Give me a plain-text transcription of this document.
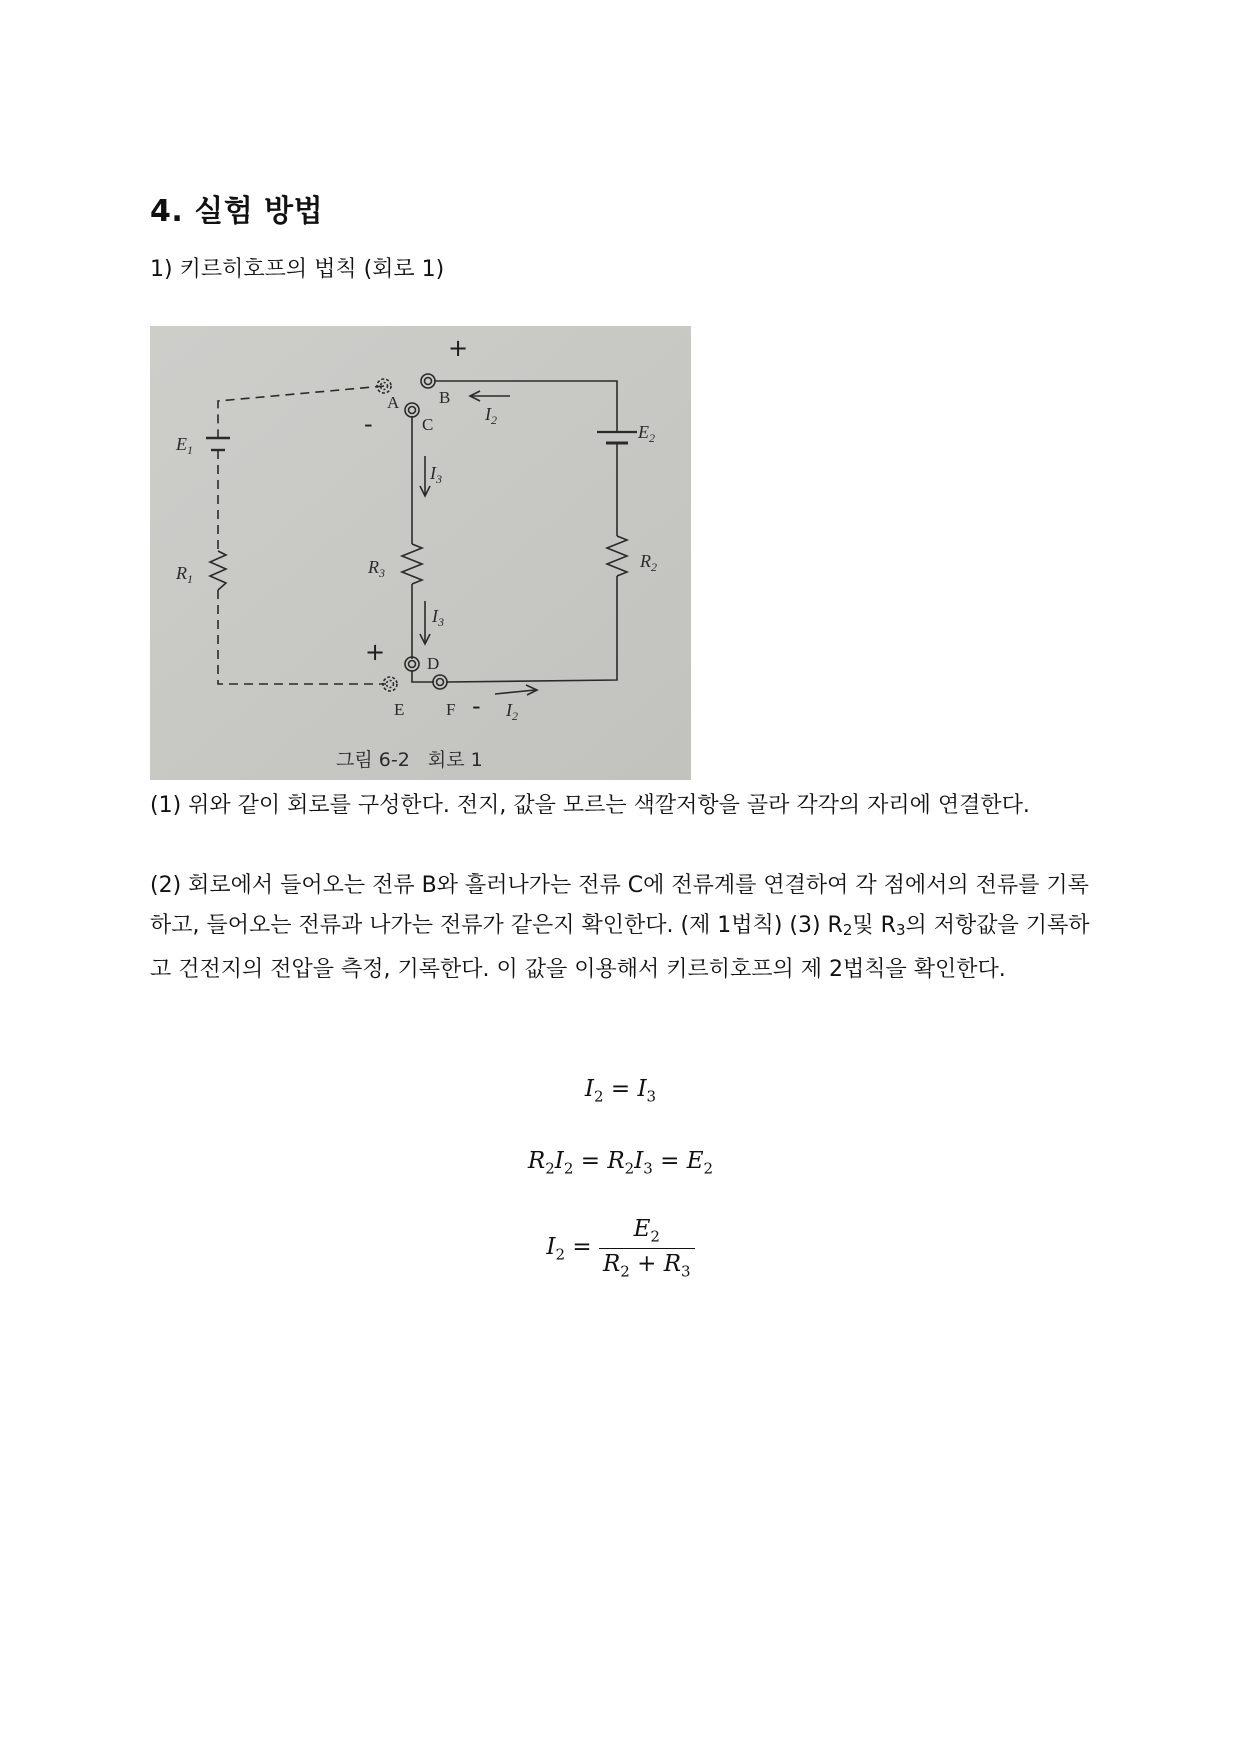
4. 실험 방법
1) 키르히호프의 법칙 (회로 1)
A B
C
D
E F
$E_1$
$E_2$
$R_1$
$R_2$
$R_3$
$I_2$
$I_3$
$I_3$
$I_2$
+
-
+
-
그림 6-2   회로 1
(1) 위와 같이 회로를 구성한다. 전지, 값을 모르는 색깔저항을 골라 각각의 자리에 연결한다.
(2) 회로에서 들어오는 전류 B와 흘러나가는 전류 C에 전류계를 연결하여 각 점에서의 전류를 기록하고, 들어오는 전류과 나가는 전류가 같은지 확인한다. (제 1법칙) (3) $R_2$및 $R_3$의 저항값을 기록하고 건전지의 전압을 측정, 기록한다. 이 값을 이용해서 키르히호프의 제 2법칙을 확인한다.
$I_2 = I_3$
$R_2I_2 = R_2I_3 = E_2$
$I_2 = \frac{E_2}{R_2 + R_3}$
